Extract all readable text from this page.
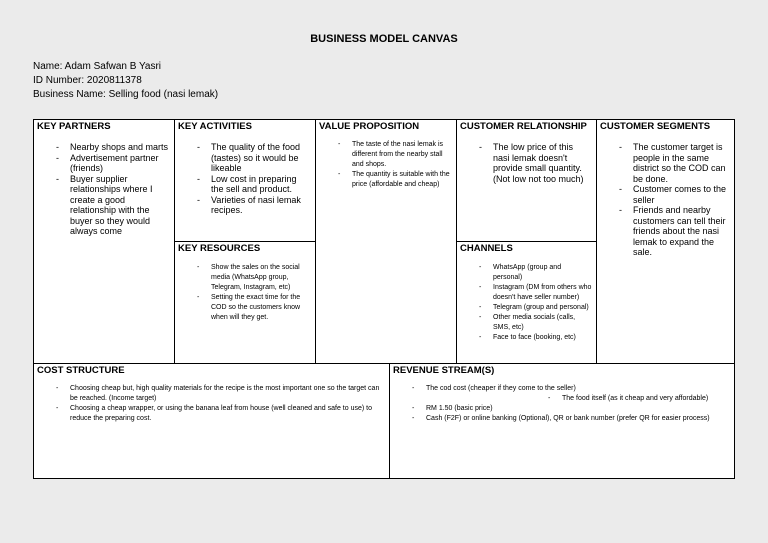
BUSINESS MODEL CANVAS
Name: Adam Safwan B Yasri
ID Number: 2020811378
Business Name: Selling food (nasi lemak)
KEY PARTNERS
- Nearby shops and marts
- Advertisement partner (friends)
- Buyer supplier relationships where I create a good relationship with the buyer so they would always come
KEY ACTIVITIES
- The quality of the food (tastes) so it would be likeable
- Low cost in preparing the sell and product.
- Varieties of nasi lemak recipes.
KEY RESOURCES
- Show the sales on the social media (WhatsApp group, Telegram, Instagram, etc)
- Setting the exact time for the COD so the customers know when will they get.
VALUE PROPOSITION
- The taste of the nasi lemak is different from the nearby stall and shops.
- The quantity is suitable with the price (affordable and cheap)
CUSTOMER RELATIONSHIP
- The low price of this nasi lemak doesn't provide small quantity. (Not low not too much)
CHANNELS
- WhatsApp (group and personal)
- Instagram (DM from others who doesn't have seller number)
- Telegram (group and personal)
- Other media socials (calls, SMS, etc)
- Face to face (booking, etc)
CUSTOMER SEGMENTS
- The customer target is people in the same district so the COD can be done.
- Customer comes to the seller
- Friends and nearby customers can tell their friends about the nasi lemak to expand the sale.
COST STRUCTURE
- Choosing cheap but, high quality materials for the recipe is the most important one so the target can be reached. (Income target)
- Choosing a cheap wrapper, or using the banana leaf from house (well cleaned and safe to use) to reduce the preparing cost.
REVENUE STREAM(S)
- The cod cost (cheaper if they come to the seller)
- The food itself (as it cheap and very affordable)
- RM 1.50 (basic price)
- Cash (F2F) or online banking (Optional), QR or bank number (prefer QR for easier process)
